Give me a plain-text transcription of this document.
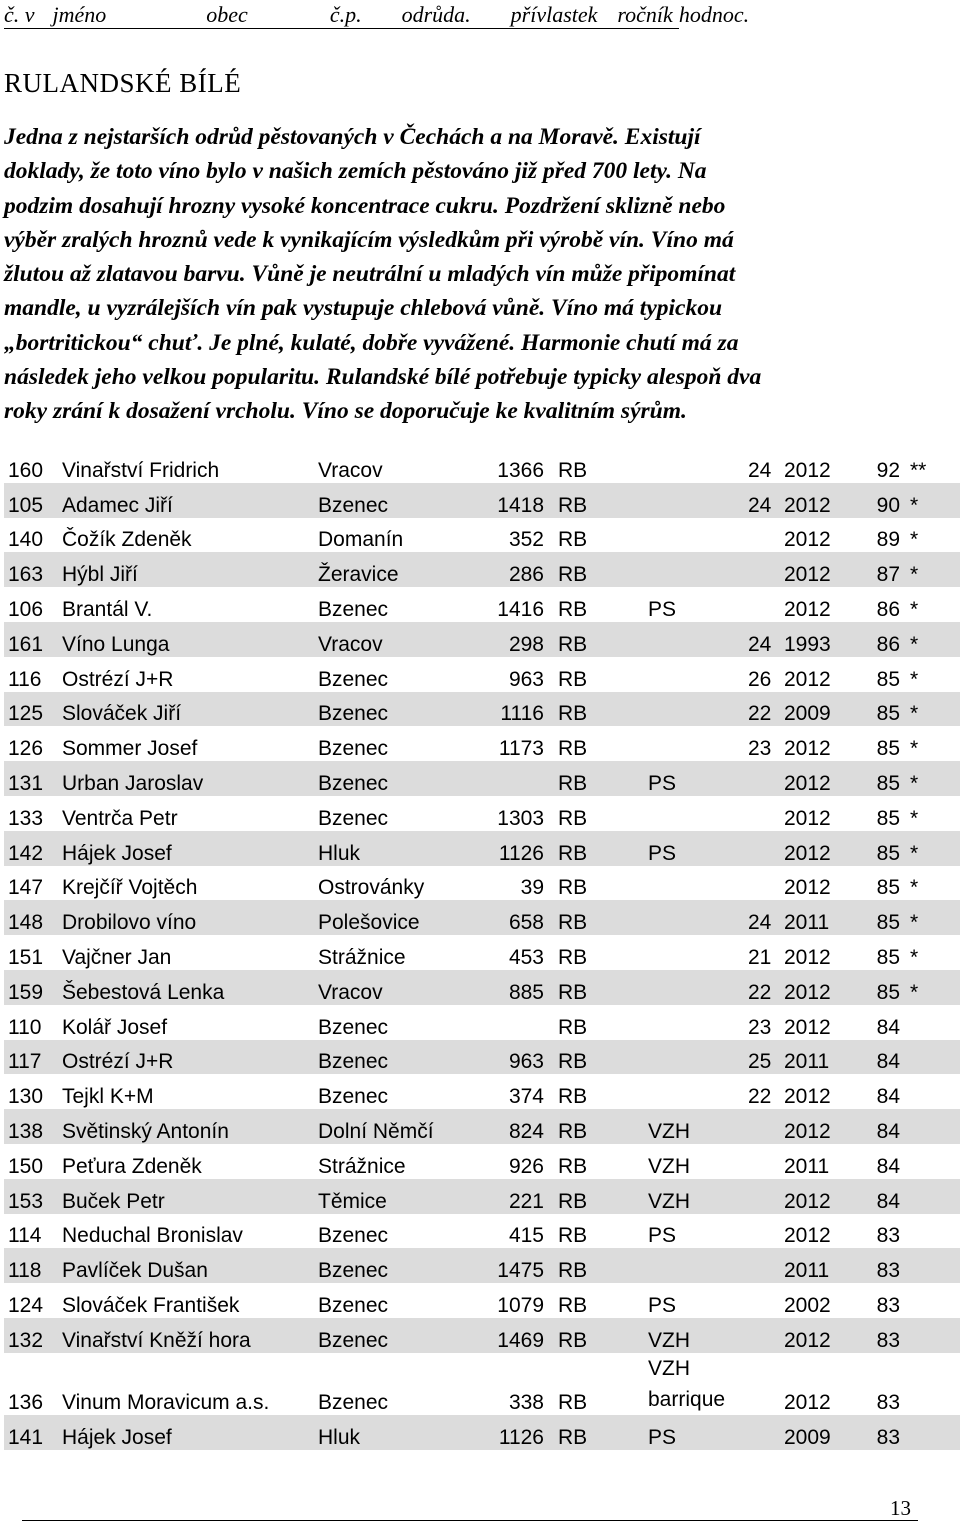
č. v jméno	obec	č.p. odrůda. přívlastek ročník hodnoc.
RULANDSKÉ BÍLÉ
Jedna z nejstarších odrůd pěstovaných v Čechách a na Moravě. Existují
doklady, že toto víno bylo v našich zemích pěstováno již před 700 lety. Na
podzim dosahují hrozny vysoké koncentrace cukru. Pozdržení sklizně nebo
výběr zralých hroznů vede k vynikajícím výsledkům při výrobě vín. Víno má
žlutou až zlatavou barvu. Vůně je neutrální u mladých vín může připomínat
mandle, u vyzrálejších vín pak vystupuje chlebová vůně. Víno má typickou
„bortritickou“ chuť. Je plné, kulaté, dobře vyvážené. Harmonie chutí má za
následek jeho velkou popularitu. Rulandské bílé potřebuje typicky alespoň dva
roky zrání k dosažení vrcholu. Víno se doporučuje ke kvalitním sýrům.
160	Vinařství Fridrich	Vracov	1366	RB		24	2012	92	**
105	Adamec Jiří	Bzenec	1418	RB		24	2012	90	*
140	Čožík Zdeněk	Domanín	352	RB			2012	89	*
163	Hýbl Jiří	Žeravice	286	RB			2012	87	*
106	Brantál V.	Bzenec	1416	RB	PS		2012	86	*
161	Víno Lunga	Vracov	298	RB		24	1993	86	*
116	Ostrézí J+R	Bzenec	963	RB		26	2012	85	*
125	Slováček Jiří	Bzenec	1116	RB		22	2009	85	*
126	Sommer Josef	Bzenec	1173	RB		23	2012	85	*
131	Urban Jaroslav	Bzenec		RB	PS		2012	85	*
133	Ventrča Petr	Bzenec	1303	RB			2012	85	*
142	Hájek Josef	Hluk	1126	RB	PS		2012	85	*
147	Krejčíř Vojtěch	Ostrovánky	39	RB			2012	85	*
148	Drobilovo víno	Polešovice	658	RB		24	2011	85	*
151	Vajčner Jan	Strážnice	453	RB		21	2012	85	*
159	Šebestová Lenka	Vracov	885	RB		22	2012	85	*
110	Kolář Josef	Bzenec		RB		23	2012	84	
117	Ostrézí J+R	Bzenec	963	RB		25	2011	84	
130	Tejkl K+M	Bzenec	374	RB		22	2012	84	
138	Světinský Antonín	Dolní Němčí	824	RB	VZH		2012	84	
150	Peťura Zdeněk	Strážnice	926	RB	VZH		2011	84	
153	Buček Petr	Těmice	221	RB	VZH		2012	84	
114	Neduchal Bronislav	Bzenec	415	RB	PS		2012	83	
118	Pavlíček Dušan	Bzenec	1475	RB			2011	83	
124	Slováček František	Bzenec	1079	RB	PS		2002	83	
132	Vinařství Kněží hora	Bzenec	1469	RB	VZH		2012	83	
136	Vinum Moravicum a.s.	Bzenec	338	RB	VZH barrique		2012	83	
141	Hájek Josef	Hluk	1126	RB	PS		2009	83	
13
